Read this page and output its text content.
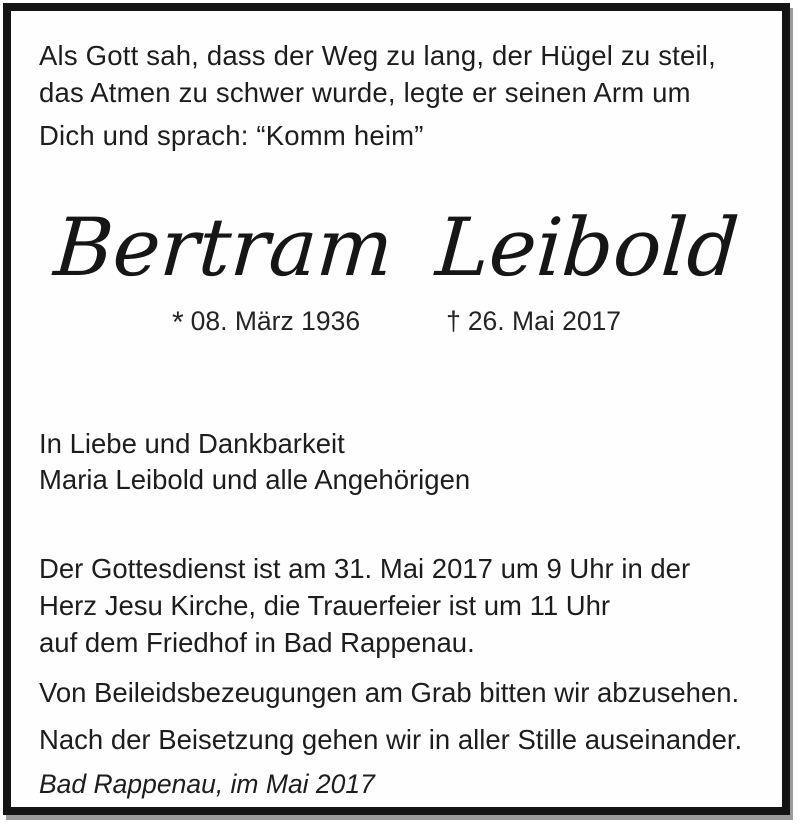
Als Gott sah, dass der Weg zu lang, der Hügel zu steil,
das Atmen zu schwer wurde, legte er seinen Arm um
Dich und sprach: “Komm heim”
Bertram Leibold
* 08. März 1936	† 26. Mai 2017
In Liebe und Dankbarkeit
Maria Leibold und alle Angehörigen
Der Gottesdienst ist am 31. Mai 2017 um 9 Uhr in der
Herz Jesu Kirche, die Trauerfeier ist um 11 Uhr
auf dem Friedhof in Bad Rappenau.
Von Beileidsbezeugungen am Grab bitten wir abzusehen.
Nach der Beisetzung gehen wir in aller Stille auseinander.
Bad Rappenau, im Mai 2017
